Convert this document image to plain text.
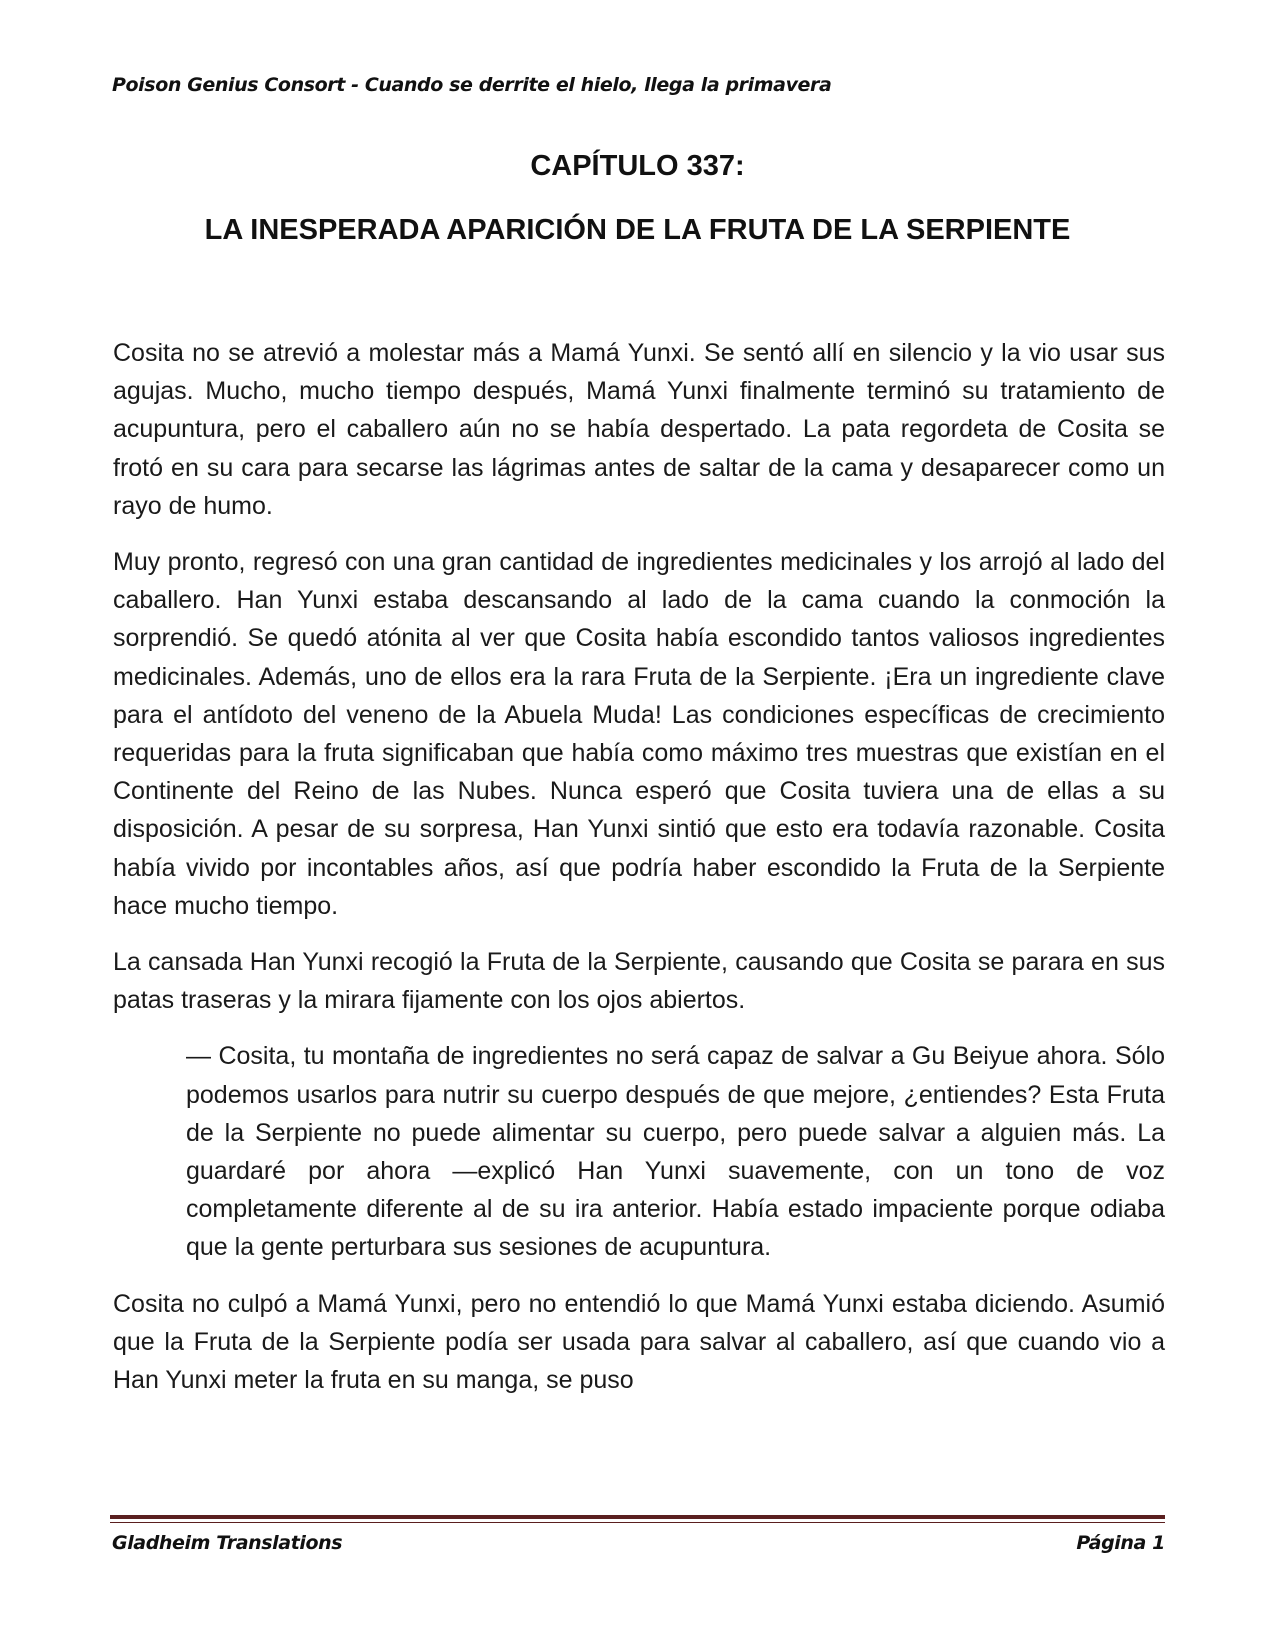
Poison Genius Consort - Cuando se derrite el hielo, llega la primavera
CAPÍTULO 337:
LA INESPERADA APARICIÓN DE LA FRUTA DE LA SERPIENTE

Cosita no se atrevió a molestar más a Mamá Yunxi. Se sentó allí en silencio y la vio usar sus agujas. Mucho, mucho tiempo después, Mamá Yunxi finalmente terminó su tratamiento de acupuntura, pero el caballero aún no se había despertado. La pata regordeta de Cosita se frotó en su cara para secarse las lágrimas antes de saltar de la cama y desaparecer como un rayo de humo.

Muy pronto, regresó con una gran cantidad de ingredientes medicinales y los arrojó al lado del caballero. Han Yunxi estaba descansando al lado de la cama cuando la conmoción la sorprendió. Se quedó atónita al ver que Cosita había escondido tantos valiosos ingredientes medicinales. Además, uno de ellos era la rara Fruta de la Serpiente. ¡Era un ingrediente clave para el antídoto del veneno de la Abuela Muda! Las condiciones específicas de crecimiento requeridas para la fruta significaban que había como máximo tres muestras que existían en el Continente del Reino de las Nubes. Nunca esperó que Cosita tuviera una de ellas a su disposición. A pesar de su sorpresa, Han Yunxi sintió que esto era todavía razonable. Cosita había vivido por incontables años, así que podría haber escondido la Fruta de la Serpiente hace mucho tiempo.

La cansada Han Yunxi recogió la Fruta de la Serpiente, causando que Cosita se parara en sus patas traseras y la mirara fijamente con los ojos abiertos.

— Cosita, tu montaña de ingredientes no será capaz de salvar a Gu Beiyue ahora. Sólo podemos usarlos para nutrir su cuerpo después de que mejore, ¿entiendes? Esta Fruta de la Serpiente no puede alimentar su cuerpo, pero puede salvar a alguien más. La guardaré por ahora —explicó Han Yunxi suavemente, con un tono de voz completamente diferente al de su ira anterior. Había estado impaciente porque odiaba que la gente perturbara sus sesiones de acupuntura.

Cosita no culpó a Mamá Yunxi, pero no entendió lo que Mamá Yunxi estaba diciendo. Asumió que la Fruta de la Serpiente podía ser usada para salvar al caballero, así que cuando vio a Han Yunxi meter la fruta en su manga, se puso

Gladheim Translations	Página 1
